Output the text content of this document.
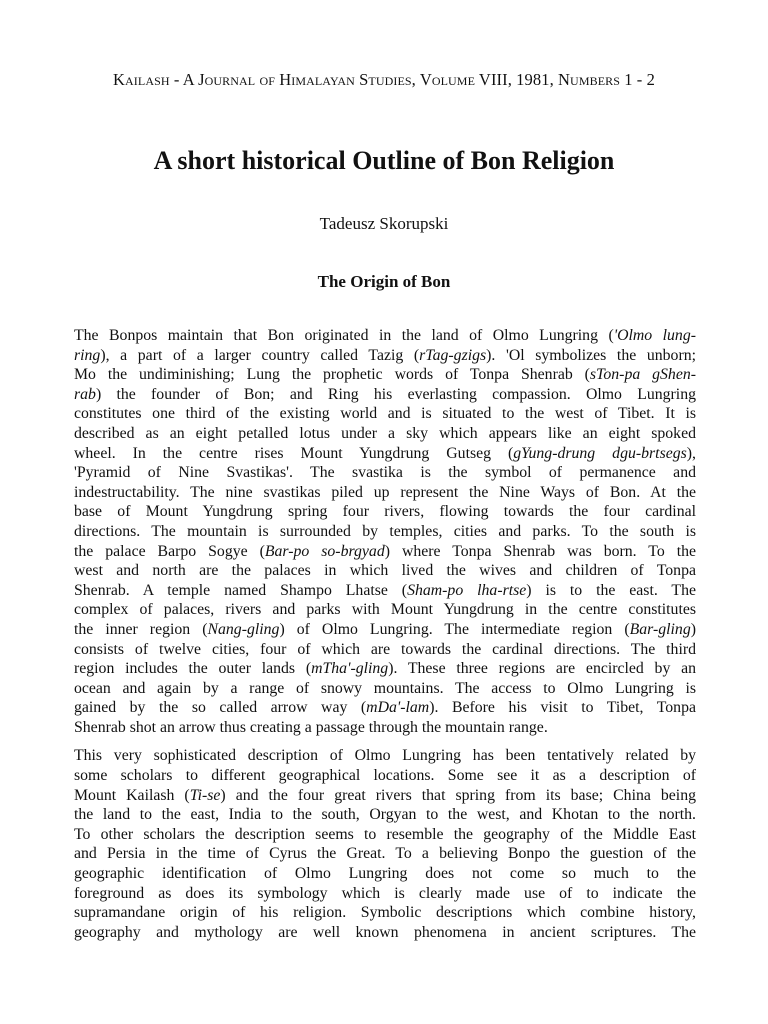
Kailash - A Journal of Himalayan Studies, Volume VIII, 1981, Numbers 1 - 2
A short historical Outline of Bon Religion
Tadeusz Skorupski
The Origin of Bon
The Bonpos maintain that Bon originated in the land of Olmo Lungring ('Olmo lung-
ring), a part of a larger country called Tazig (rTag-gzigs). 'Ol symbolizes the unborn;
Mo the undiminishing; Lung the prophetic words of Tonpa Shenrab (sTon-pa gShen-
rab) the founder of Bon; and Ring his everlasting compassion. Olmo Lungring
constitutes one third of the existing world and is situated to the west of Tibet. It is
described as an eight petalled lotus under a sky which appears like an eight spoked
wheel. In the centre rises Mount Yungdrung Gutseg (gYung-drung dgu-brtsegs),
'Pyramid of Nine Svastikas'. The svastika is the symbol of permanence and
indestructability. The nine svastikas piled up represent the Nine Ways of Bon. At the
base of Mount Yungdrung spring four rivers, flowing towards the four cardinal
directions. The mountain is surrounded by temples, cities and parks. To the south is
the palace Barpo Sogye (Bar-po so-brgyad) where Tonpa Shenrab was born. To the
west and north are the palaces in which lived the wives and children of Tonpa
Shenrab. A temple named Shampo Lhatse (Sham-po lha-rtse) is to the east. The
complex of palaces, rivers and parks with Mount Yungdrung in the centre constitutes
the inner region (Nang-gling) of Olmo Lungring. The intermediate region (Bar-gling)
consists of twelve cities, four of which are towards the cardinal directions. The third
region includes the outer lands (mTha'-gling). These three regions are encircled by an
ocean and again by a range of snowy mountains. The access to Olmo Lungring is
gained by the so called arrow way (mDa'-lam). Before his visit to Tibet, Tonpa
Shenrab shot an arrow thus creating a passage through the mountain range.
This very sophisticated description of Olmo Lungring has been tentatively related by
some scholars to different geographical locations. Some see it as a description of
Mount Kailash (Ti-se) and the four great rivers that spring from its base; China being
the land to the east, India to the south, Orgyan to the west, and Khotan to the north.
To other scholars the description seems to resemble the geography of the Middle East
and Persia in the time of Cyrus the Great. To a believing Bonpo the guestion of the
geographic identification of Olmo Lungring does not come so much to the
foreground as does its symbology which is clearly made use of to indicate the
supramandane origin of his religion. Symbolic descriptions which combine history,
geography and mythology are well known phenomena in ancient scriptures. The
